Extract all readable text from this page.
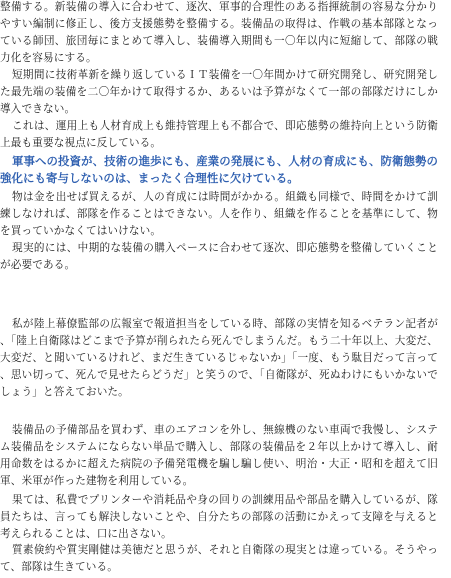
整備する。新装備の導入に合わせて、逐次、軍事的合理性のある指揮統制の容易な分かりやすい編制に修正し、後方支援態勢を整備する。装備品の取得は、作戦の基本部隊となっている師団、旅団毎にまとめて導入し、装備導入期間も一〇年以内に短縮して、部隊の戦力化を容易にする。

短期間に技術革新を繰り返しているＩＴ装備を一〇年間かけて研究開発し、研究開発した最先端の装備を二〇年かけて取得するか、あるいは予算がなくて一部の部隊だけにしか導入できない。

これは、運用上も人材育成上も維持管理上も不都合で、即応態勢の維持向上という防衛上最も重要な視点に反している。

軍事への投資が、技術の進歩にも、産業の発展にも、人材の育成にも、防衛態勢の強化にも寄与しないのは、まったく合理性に欠けている。

物は金を出せば買えるが、人の育成には時間がかかる。組織も同様で、時間をかけて訓練しなければ、部隊を作ることはできない。人を作り、組織を作ることを基準にして、物を買っていかなくてはいけない。

現実的には、中期的な装備の購入ペースに合わせて逐次、即応態勢を整備していくことが必要である。

私が陸上幕僚監部の広報室で報道担当をしている時、部隊の実情を知るベテラン記者が、「陸上自衛隊はどこまで予算が削られたら死んでしまうんだ。もう二十年以上、大変だ、大変だ、と聞いているけれど、まだ生きているじゃないか」「一度、もう駄目だって言って、思い切って、死んで見せたらどうだ」と笑うので、「自衛隊が、死ぬわけにもいかないでしょう」と答えておいた。

装備品の予備部品を買わず、車のエアコンを外し、無線機のない車両で我慢し、システム装備品をシステムにならない単品で購入し、部隊の装備品を２年以上かけて導入し、耐用命数をはるかに超えた病院の予備発電機を騙し騙し使い、明治・大正・昭和を超えて旧軍、米軍が作った建物を利用している。

果ては、私費でプリンターや消耗品や身の回りの訓練用品や部品を購入しているが、隊員たちは、言っても解決しないことや、自分たちの部隊の活動にかえって支障を与えると考えられることは、口に出さない。

質素倹約や質実剛健は美徳だと思うが、それと自衛隊の現実とは違っている。そうやって、部隊は生きている。
